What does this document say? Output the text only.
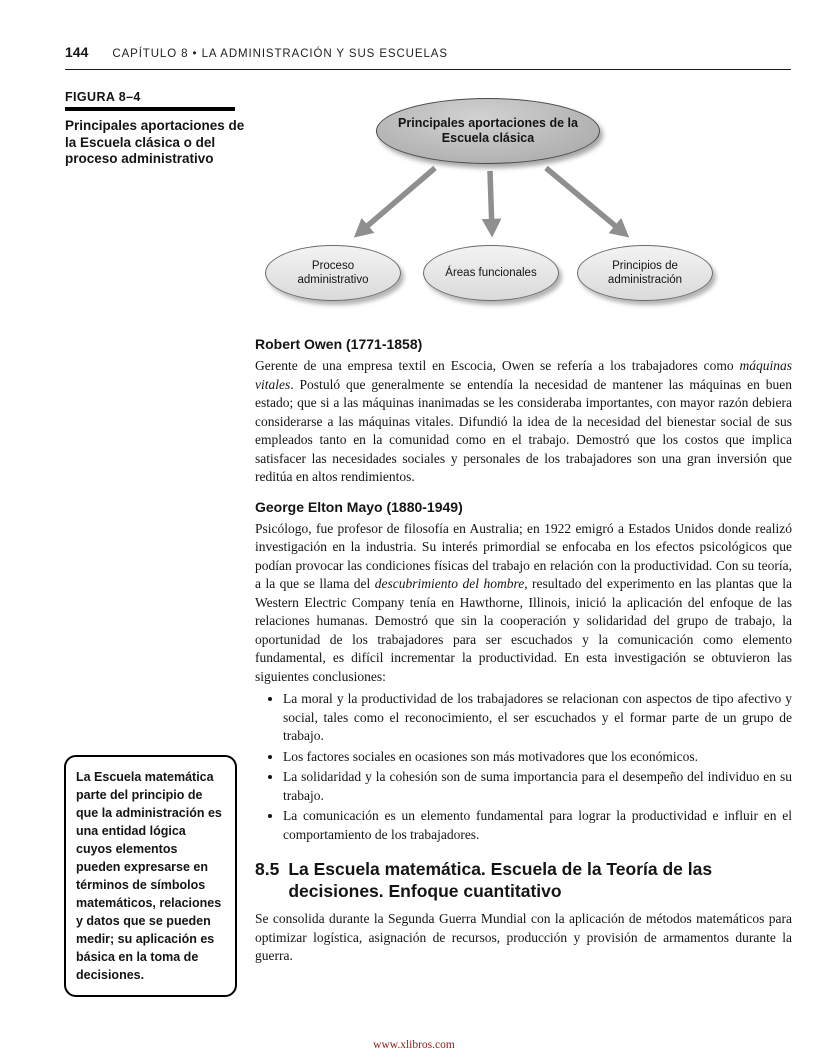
144 CAPÍTULO 8 • LA ADMINISTRACIÓN Y SUS ESCUELAS
FIGURA 8–4
Principales aportaciones de la Escuela clásica o del proceso administrativo
Principales aportaciones de la Escuela clásica
Proceso administrativo
Áreas funcionales
Principios de administración
Robert Owen (1771-1858)

Gerente de una empresa textil en Escocia, Owen se refería a los trabajadores como máquinas vitales. Postuló que generalmente se entendía la necesidad de mantener las máquinas en buen estado; que si a las máquinas inanimadas se les consideraba importantes, con mayor razón debiera considerarse a las máquinas vitales. Difundió la idea de la necesidad del bienestar social de sus empleados tanto en la comunidad como en el trabajo. Demostró que los costos que implica satisfacer las necesidades sociales y personales de los trabajadores son una gran inversión que reditúa en altos rendimientos.

George Elton Mayo (1880-1949)

Psicólogo, fue profesor de filosofía en Australia; en 1922 emigró a Estados Unidos donde realizó investigación en la industria. Su interés primordial se enfocaba en los efectos psicológicos que podían provocar las condiciones físicas del trabajo en relación con la productividad. Con su teoría, a la que se llama del descubrimiento del hombre, resultado del experimento en las plantas que la Western Electric Company tenía en Hawthorne, Illinois, inició la aplicación del enfoque de las relaciones humanas. Demostró que sin la cooperación y solidaridad del grupo de trabajo, la oportunidad de los trabajadores para ser escuchados y la comunicación como elemento fundamental, es difícil incrementar la productividad. En esta investigación se obtuvieron las siguientes conclusiones:

• La moral y la productividad de los trabajadores se relacionan con aspectos de tipo afectivo y social, tales como el reconocimiento, el ser escuchados y el formar parte de un grupo de trabajo.
• Los factores sociales en ocasiones son más motivadores que los económicos.
• La solidaridad y la cohesión son de suma importancia para el desempeño del individuo en su trabajo.
• La comunicación es un elemento fundamental para lograr la productividad e influir en el comportamiento de los trabajadores.
8.5 La Escuela matemática. Escuela de la Teoría de las decisiones. Enfoque cuantitativo

Se consolida durante la Segunda Guerra Mundial con la aplicación de métodos matemáticos para optimizar logística, asignación de recursos, producción y provisión de armamentos durante la guerra.

La Escuela matemática parte del principio de que la administración es una entidad lógica cuyos elementos pueden expresarse en términos de símbolos matemáticos, relaciones y datos que se pueden medir; su aplicación es básica en la toma de decisiones.
www.xlibros.com
